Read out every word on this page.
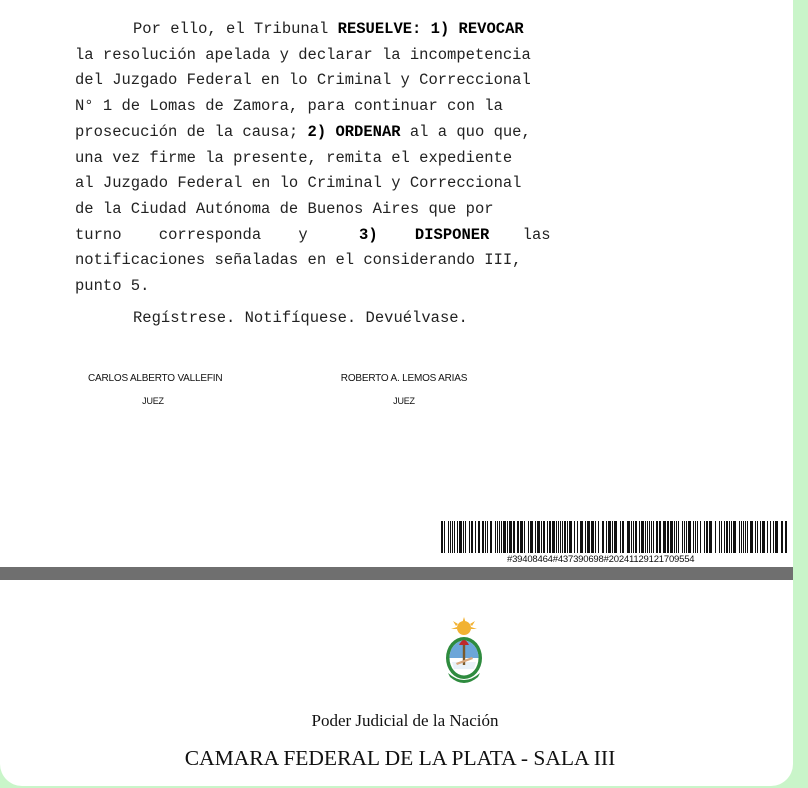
Por ello, el Tribunal RESUELVE: 1) REVOCAR
la resolución apelada y declarar la incompetencia
del Juzgado Federal en lo Criminal y Correccional
N° 1 de Lomas de Zamora, para continuar con la
prosecución de la causa; 2) ORDENAR al a quo que,
una vez firme la presente, remita el expediente
al Juzgado Federal en lo Criminal y Correccional
de la Ciudad Autónoma de Buenos Aires que por
turno corresponda y 3) DISPONER las
notificaciones señaladas en el considerando III,
punto 5.
Regístrese. Notifíquese. Devuélvase.
CARLOS ALBERTO VALLEFIN
JUEZ
ROBERTO A. LEMOS ARIAS
JUEZ
#39408464#437390698#20241129121709554
Poder Judicial de la Nación
CAMARA FEDERAL DE LA PLATA - SALA III
